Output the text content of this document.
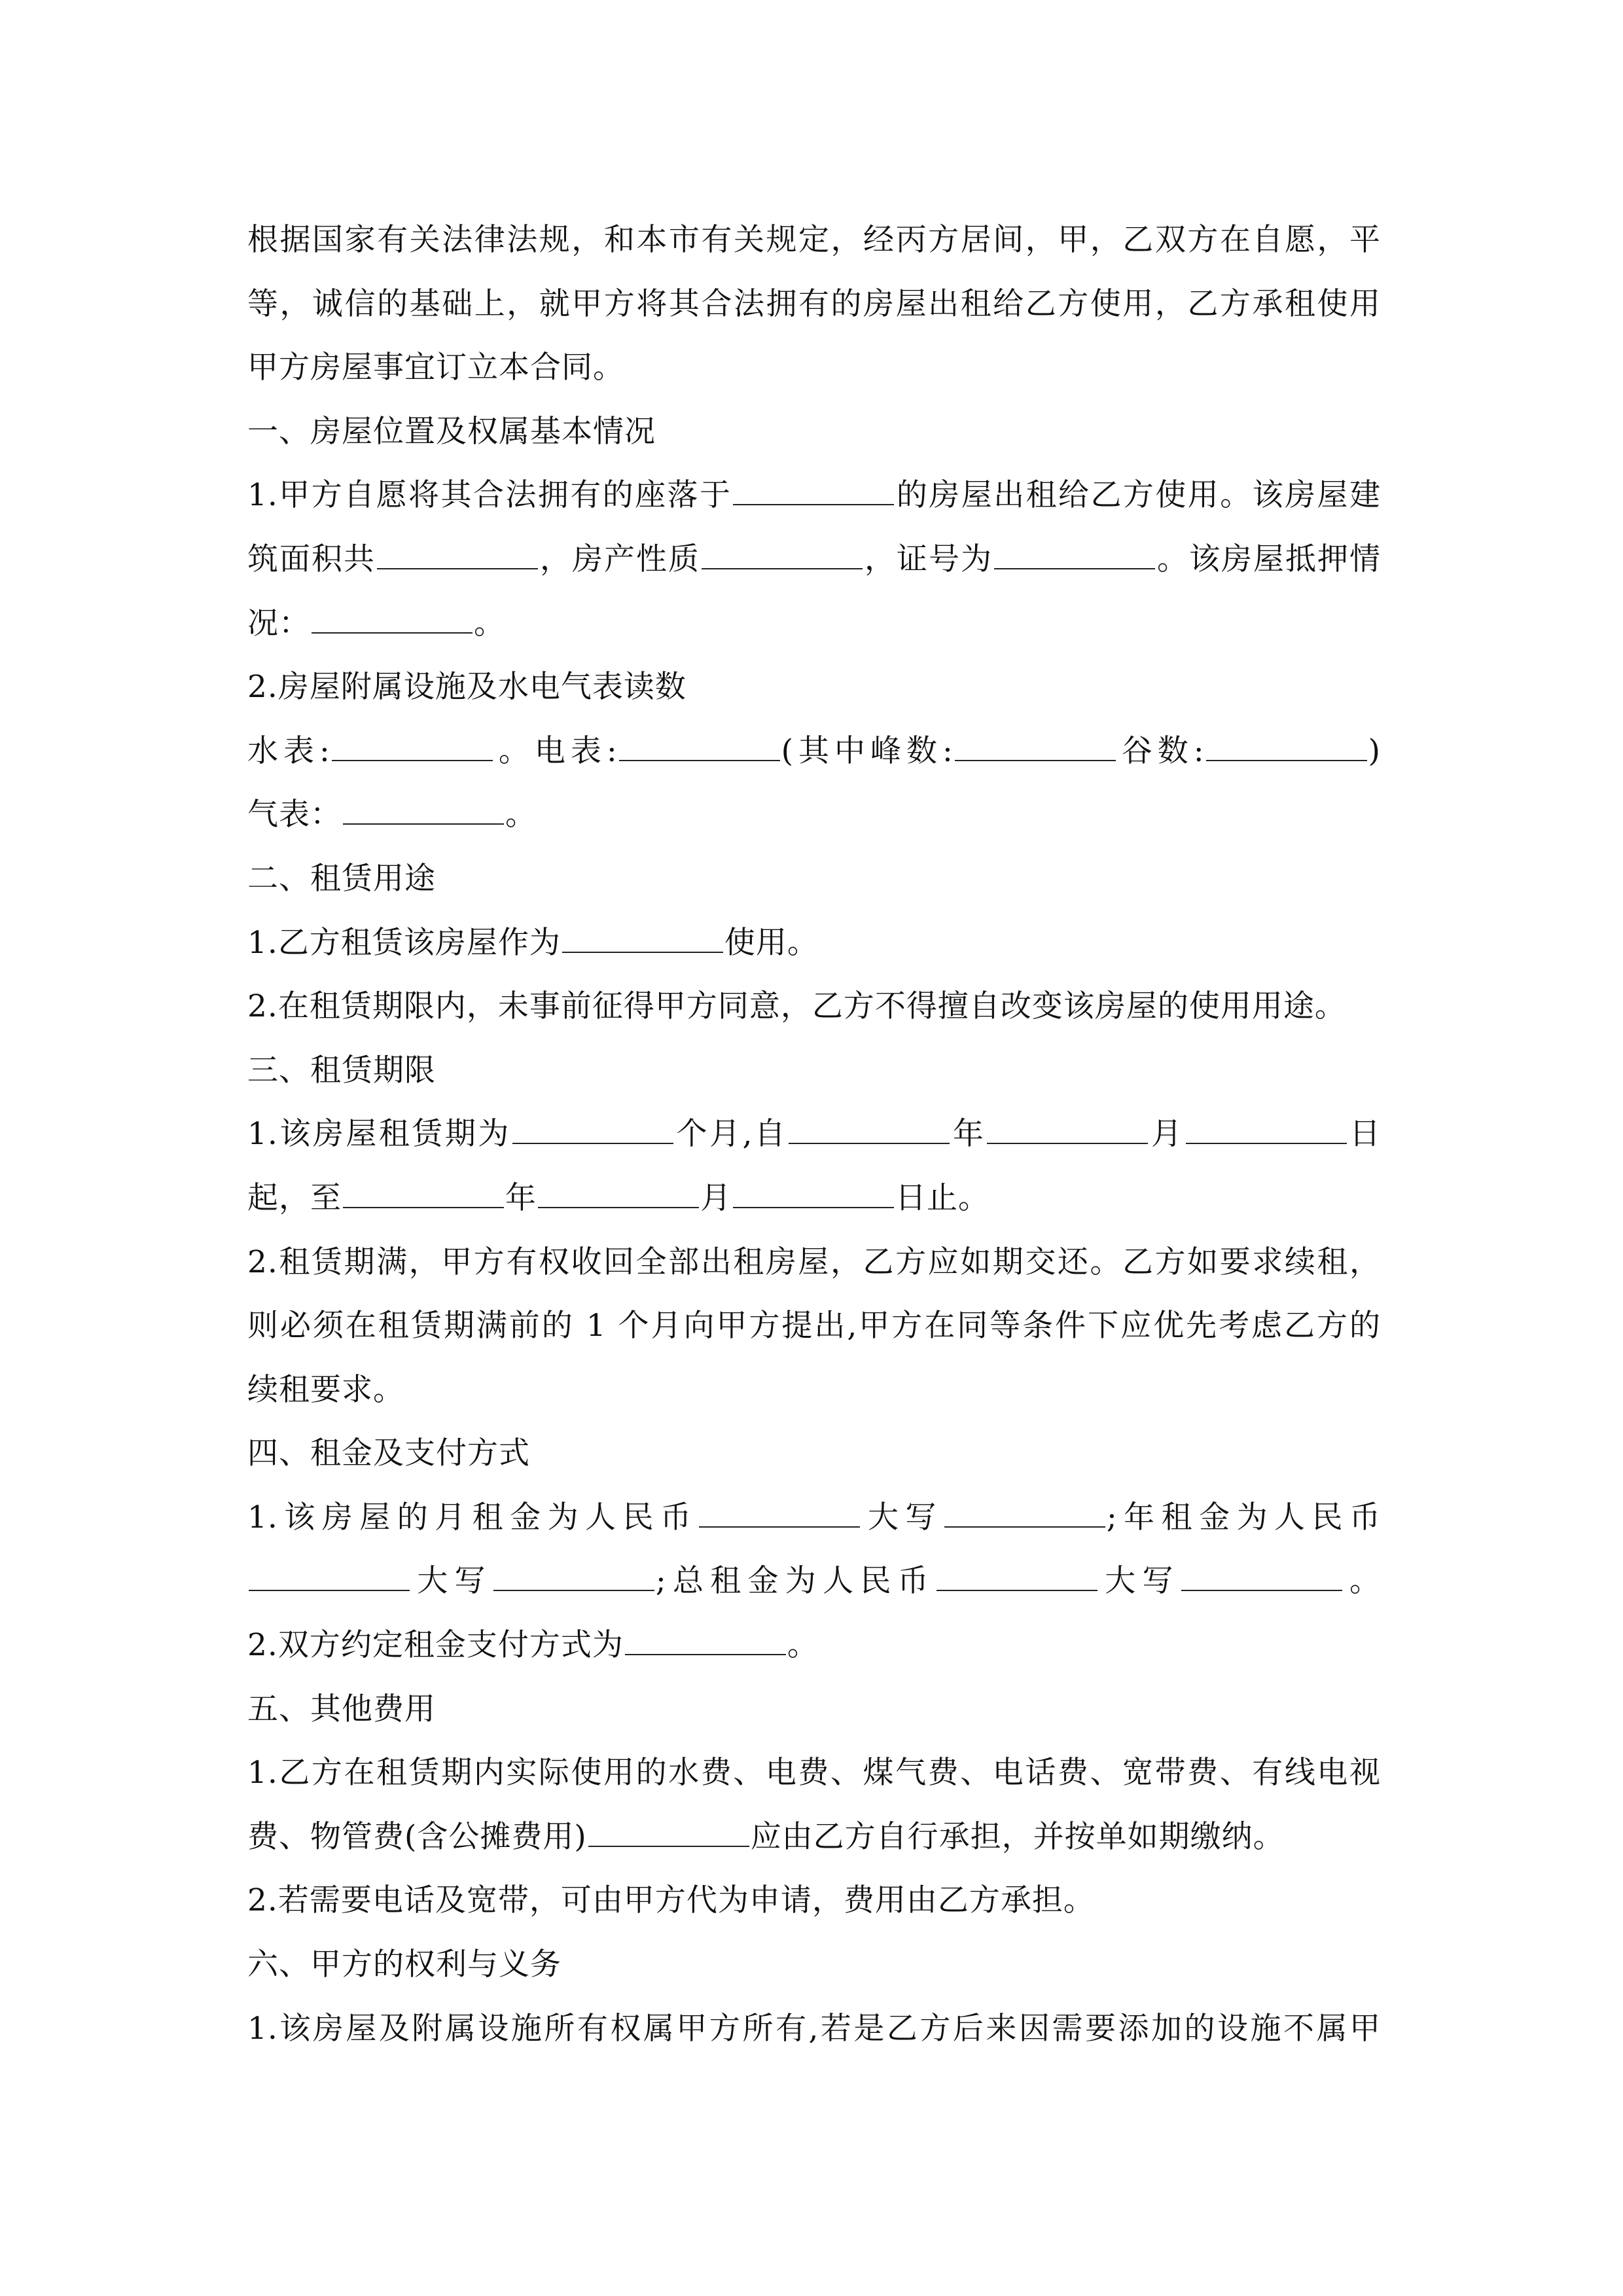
根据国家有关法律法规，和本市有关规定，经丙方居间，甲，乙双方在自愿，平
等，诚信的基础上，就甲方将其合法拥有的房屋出租给乙方使用，乙方承租使用
甲方房屋事宜订立本合同。
一、房屋位置及权属基本情况
1.甲方自愿将其合法拥有的座落于	的房屋出租给乙方使用。该房屋建
筑面积共	，房产性质	，证号为	。该房屋抵押情
况：	。
2.房屋附属设施及水电气表读数
水表:	。电表:	(其中峰数:	谷数:	)
气表：	。
二、租赁用途
1.乙方租赁该房屋作为	使用。
2.在租赁期限内，未事前征得甲方同意，乙方不得擅自改变该房屋的使用用途。
三、租赁期限
1.该房屋租赁期为	个月,自	年	月	日
起，至	年	月	日止。
2.租赁期满，甲方有权收回全部出租房屋，乙方应如期交还。乙方如要求续租，
则必须在租赁期满前的 1 个月向甲方提出,甲方在同等条件下应优先考虑乙方的
续租要求。
四、租金及支付方式
1.该房屋的月租金为人民币	大写	;年租金为人民币
大写	;总租金为人民币	大写	。
2.双方约定租金支付方式为	。
五、其他费用
1.乙方在租赁期内实际使用的水费、电费、煤气费、电话费、宽带费、有线电视
费、物管费(含公摊费用)	应由乙方自行承担，并按单如期缴纳。
2.若需要电话及宽带，可由甲方代为申请，费用由乙方承担。
六、甲方的权利与义务
1.该房屋及附属设施所有权属甲方所有,若是乙方后来因需要添加的设施不属甲
